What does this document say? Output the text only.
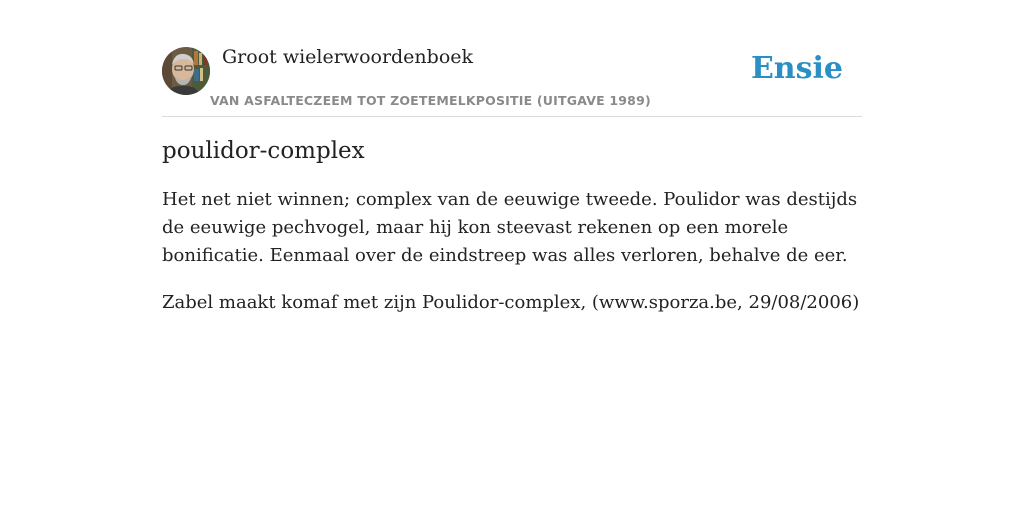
Groot wielerwoordenboek
VAN ASFALTECZEEM TOT ZOETEMELKPOSITIE (UITGAVE 1989)
Ensie
poulidor-complex

Het net niet winnen; complex van de eeuwige tweede. Poulidor was destijds de eeuwige pechvogel, maar hij kon steevast rekenen op een morele bonificatie. Eenmaal over de eindstreep was alles verloren, behalve de eer.

Zabel maakt komaf met zijn Poulidor-complex, (www.sporza.be, 29/08/2006)
